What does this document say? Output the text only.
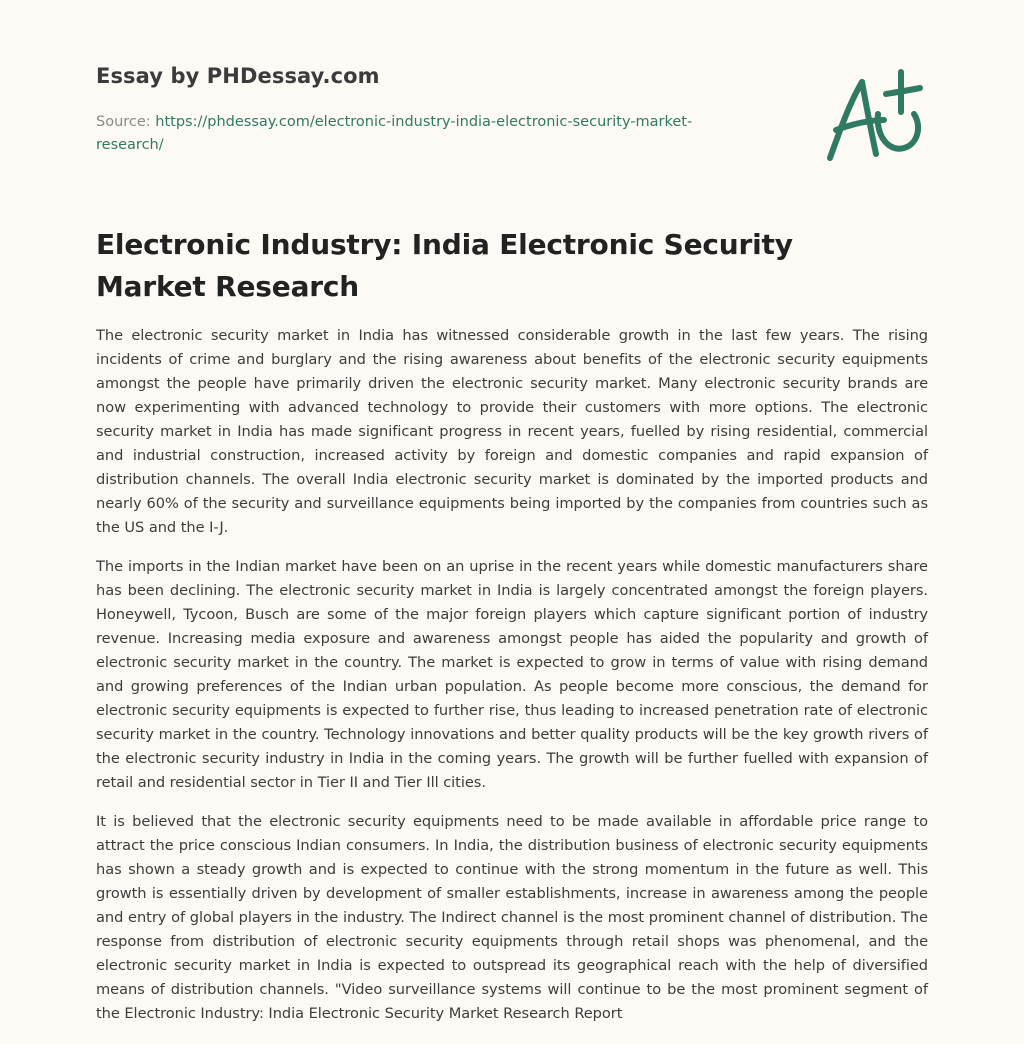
Essay by PHDessay.com
Source: https://phdessay.com/electronic-industry-india-electronic-security-market-research/
Electronic Industry: India Electronic Security Market Research

The electronic security market in India has witnessed considerable growth in the last few years. The rising incidents of crime and burglary and the rising awareness about benefits of the electronic security equipments amongst the people have primarily driven the electronic security market. Many electronic security brands are now experimenting with advanced technology to provide their customers with more options. The electronic security market in India has made significant progress in recent years, fuelled by rising residential, commercial and industrial construction, increased activity by foreign and domestic companies and rapid expansion of distribution channels. The overall India electronic security market is dominated by the imported products and nearly 60% of the security and surveillance equipments being imported by the companies from countries such as the US and the I-J.

The imports in the Indian market have been on an uprise in the recent years while domestic manufacturers share has been declining. The electronic security market in India is largely concentrated amongst the foreign players. Honeywell, Tycoon, Busch are some of the major foreign players which capture significant portion of industry revenue. Increasing media exposure and awareness amongst people has aided the popularity and growth of electronic security market in the country. The market is expected to grow in terms of value with rising demand and growing preferences of the Indian urban population. As people become more conscious, the demand for electronic security equipments is expected to further rise, thus leading to increased penetration rate of electronic security market in the country. Technology innovations and better quality products will be the key growth rivers of the electronic security industry in India in the coming years. The growth will be further fuelled with expansion of retail and residential sector in Tier II and Tier Ill cities.

It is believed that the electronic security equipments need to be made available in affordable price range to attract the price conscious Indian consumers. In India, the distribution business of electronic security equipments has shown a steady growth and is expected to continue with the strong momentum in the future as well. This growth is essentially driven by development of smaller establishments, increase in awareness among the people and entry of global players in the industry. The Indirect channel is the most prominent channel of distribution. The response from distribution of electronic security equipments through retail shops was phenomenal, and the electronic security market in India is expected to outspread its geographical reach with the help of diversified means of distribution channels. "Video surveillance systems will continue to be the most prominent segment of the Electronic Industry: India Electronic Security Market Research Report
